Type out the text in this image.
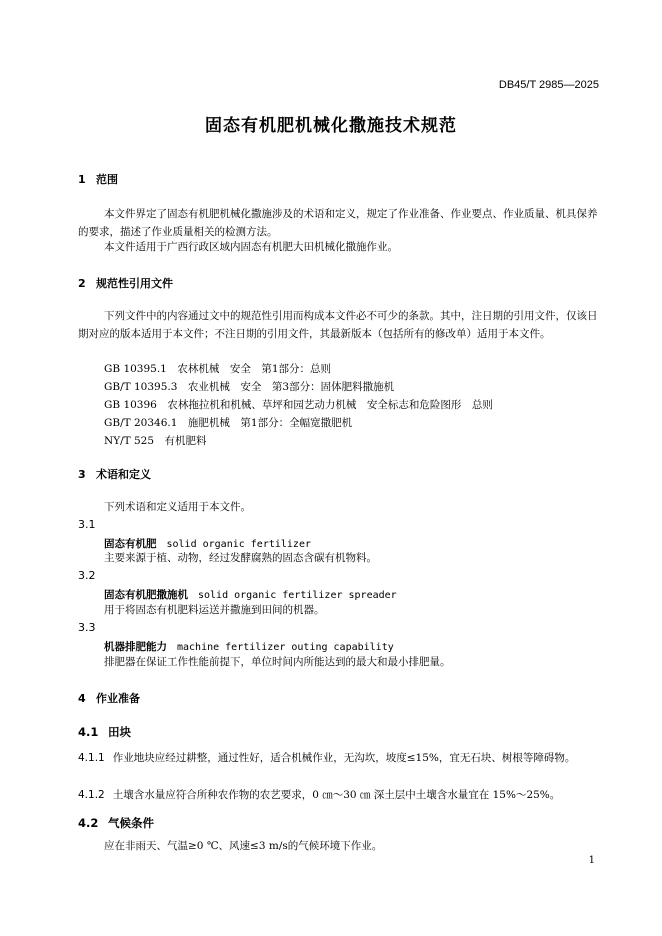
DB45/T 2985—2025
固态有机肥机械化撒施技术规范
1 范围
本文件界定了固态有机肥机械化撒施涉及的术语和定义，规定了作业准备、作业要点、作业质量、机具保养的要求，描述了作业质量相关的检测方法。
本文件适用于广西行政区域内固态有机肥大田机械化撒施作业。
2 规范性引用文件
下列文件中的内容通过文中的规范性引用而构成本文件必不可少的条款。其中，注日期的引用文件，仅该日期对应的版本适用于本文件；不注日期的引用文件，其最新版本（包括所有的修改单）适用于本文件。
GB 10395.1　农林机械　安全　第1部分：总则
GB/T 10395.3　农业机械　安全　第3部分：固体肥料撒施机
GB 10396　农林拖拉机和机械、草坪和园艺动力机械　安全标志和危险图形　总则
GB/T 20346.1　施肥机械　第1部分：全幅宽撒肥机
NY/T 525　有机肥料
3 术语和定义
下列术语和定义适用于本文件。
3.1
固态有机肥 solid organic fertilizer
主要来源于植、动物，经过发酵腐熟的固态含碳有机物料。
3.2
固态有机肥撒施机 solid organic fertilizer spreader
用于将固态有机肥料运送并撒施到田间的机器。
3.3
机器排肥能力 machine fertilizer outing capability
排肥器在保证工作性能前提下，单位时间内所能达到的最大和最小排肥量。
4 作业准备
4.1 田块
4.1.1 作业地块应经过耕整，通过性好，适合机械作业，无沟坎，坡度≤15%，宜无石块、树根等障碍物。
4.1.2 土壤含水量应符合所种农作物的农艺要求，0 ㎝～30 ㎝ 深土层中土壤含水量宜在 15%～25%。
4.2 气候条件
应在非雨天、气温≥0 ℃、风速≤3 m/s的气候环境下作业。
1
